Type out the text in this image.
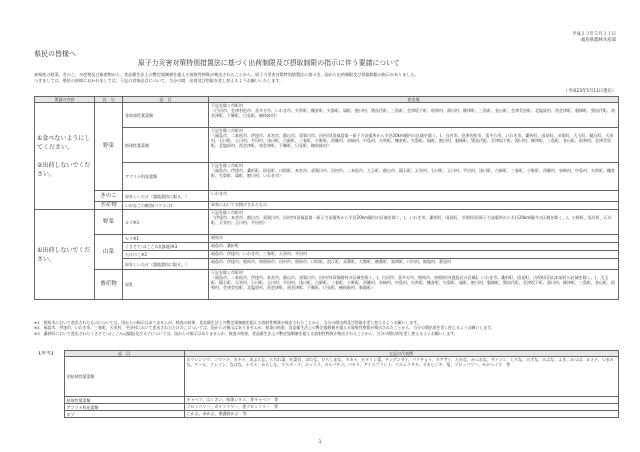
平成２３年５月１１日
福島県農林水産部
県民の皆様へ
原子力災害対策特別措置法に基づく出荷制限及び摂取制限の指示に伴う要請について
本県産の野菜、きのこ、水産物及び畜産物から、食品衛生法上の暫定規制値を超える放射性物質が検出されたことから、原子力災害対策特別措置法に基づき、国から出荷制限及び摂取制限の指示がありました。
つきましては、県民の皆様におかれましては、下記の対象品目について、当分の間、出荷及び摂取を差し控えるようお願いいたします。
（平成23年5月11日現在）
要請の内容	区　分	品　目	産出地
①食べないようにしてください。

②出荷しないでください。	野菜	非結球性葉菜類	下記を除く市町村
（白河市、会津若松市、喜多方市、いわき市、矢吹町、棚倉町、矢祭町、塙町、鮫川村、猪苗代町、三島町、会津坂下町、昭和村、湯川村、柳津町、三島町、金山町、会津美里町、北塩原村、西会津町、磐梯町、猪苗代町、南会津町、下郷町、只見町、檜枝岐村）
		結球性葉菜類	下記を除く市町村
（福島市、二本松市、伊達市、本宮市、郡山市、須賀川市、田村市(旧福島第一原子力発電所から半径20km圏内の区域を除く。)、白河市、会津若松市、喜多方市、いわき市、桑折町、国見町、川俣町、大玉町、鏡石町、天栄村、石川町、玉川村、平田村、浅川町、古殿町、三春町、小野町、西郷村、泉崎村、中島村、矢吹町、棚倉町、矢祭町、塙町、鮫川村、磐梯町、猪苗代町、会津坂下町、湯川村、柳津町、三島町、金山町、昭和村、会津美里町、北塩原村、西会津町、南会津町、下郷町、只見町、檜枝岐村）
		アブラナ科花蕾類	下記を除く市町村
（福島市、伊達市、桑折町、国見町、川俣町、本宮市、須賀川市、田村市、二本松市、大玉町、郡山市、鏡石町、天栄村、石川町、玉川村、平田村、浅川町、古殿町、三春町、小野町、西郷村、泉崎村、中島村、矢吹町、棚倉町、矢祭町、塙町、鮫川村、いわき市）
	きのこ	原木しいたけ（露地栽培に限る。）	いわき市
	水産物	いかなごの稚魚(コウナゴ)	本県において水揚げされたもの
①出荷しないでください。	野菜	カブ※3	下記を除く市町村
（伊達市、本宮市、郡山市、須賀川市、田村市(旧福島第一原子力発電所から半径20km圏内の区域を除く。)、いわき市、桑折町、国見町、川俣町(旧原子力発電所から半径20km圏内の区域を除く。)、小野町、浅川町、石川町、天栄村、玉川村、平田村）
	山菜	セリ※1	相馬市
		くさそてつ(こごみ)(露地)※3	福島市、桑折町
		たけのこ※2	福島市、伊達市、いわき市、三春町、天栄村、平田村
		原木しいたけ（露地栽培に限る。）	福島市、伊達市、相馬市、南相馬市、田村市、相馬市、川俣町、浪江町、双葉町、大熊町、楢葉町、富岡町、川内村、飯舘村、葛尾村
	畜産物	原乳	下記を除く市町村
（福島市、二本松市、伊達市、本宮市、郡山市、須賀川市、田村市(旧都路村の区域を除く。)、白河市、喜多方市、相馬市、南相馬市(鹿島区の区域)、いわき市、桑折町、国見町、川俣町(旧山木屋村の区域を除く。)、大玉町、鏡石町、天栄村、石川町、玉川村、平田村、浅川町、古殿町、三春町、小野町、西郷村、泉崎村、中島村、矢吹町、棚倉町、矢祭町、塙町、鮫川村、磐梯町、猪苗代町、会津坂下町、湯川村、柳津町、三島町、金山町、昭和村、会津美里町、北塩原村、西会津町、南会津町、下郷町、只見町、檜枝岐村、新地町）
※1　相馬市において産出されたものについては、国からの指示はありませんが、検査の結果、食品衛生法上の暫定規制値を超える放射性物質が検出されたことから、当分の間出荷及び摂取を差し控えるようお願いします。
※2　福島市、伊達市、いわき市、三春町、天栄村、平田村において産出されたたけのこについては、国からの指示はありませんが、検査の結果、食品衛生法上の暫定規制値を超える放射性物質が検出されたことから、当分の間出荷を差し控えるようお願いします。
※3　桑折町において産出されたくさそてつ(こごみ)(露地)及びカブについては、国からの指示はありませんが、検査の結果、食品衛生法上の暫定規制値を超える放射性物質が検出されたことから、当分の間出荷を差し控えるようお願いします。
【参考】	品　目	左記の代表例
	非結球性葉菜類	ホウレンソウ、コマツナ、カキナ、あぶらな、ちぢれ菜、紅菜苔、ぼたな、ひろしまな、タカナ、ビタミン菜、チンゲンサイ、パクチョイ、タアサイ、たかな、かつおな、サイシン、しろな、みずな、みぶな、ふき、みつば、ヨメナ、つまみな、ケール、クレソン、なばな、ナズナ、からしな、マスタード、ルッコラ、セルバチコ、パセリ、アイスプラント、ツルムラサキ、オカヒジキ、菊、ブロッコリー、モロヘイヤ　等
	結球性葉菜類	キャベツ、はくさい、結球レタス、芽キャベツ　等
	アブラナ科花蕾類	ブロッコリー、カリフラワー、茎ブロッコリー　等
	カブ	こかぶ、赤かぶ、聖護院かぶ　等
1
